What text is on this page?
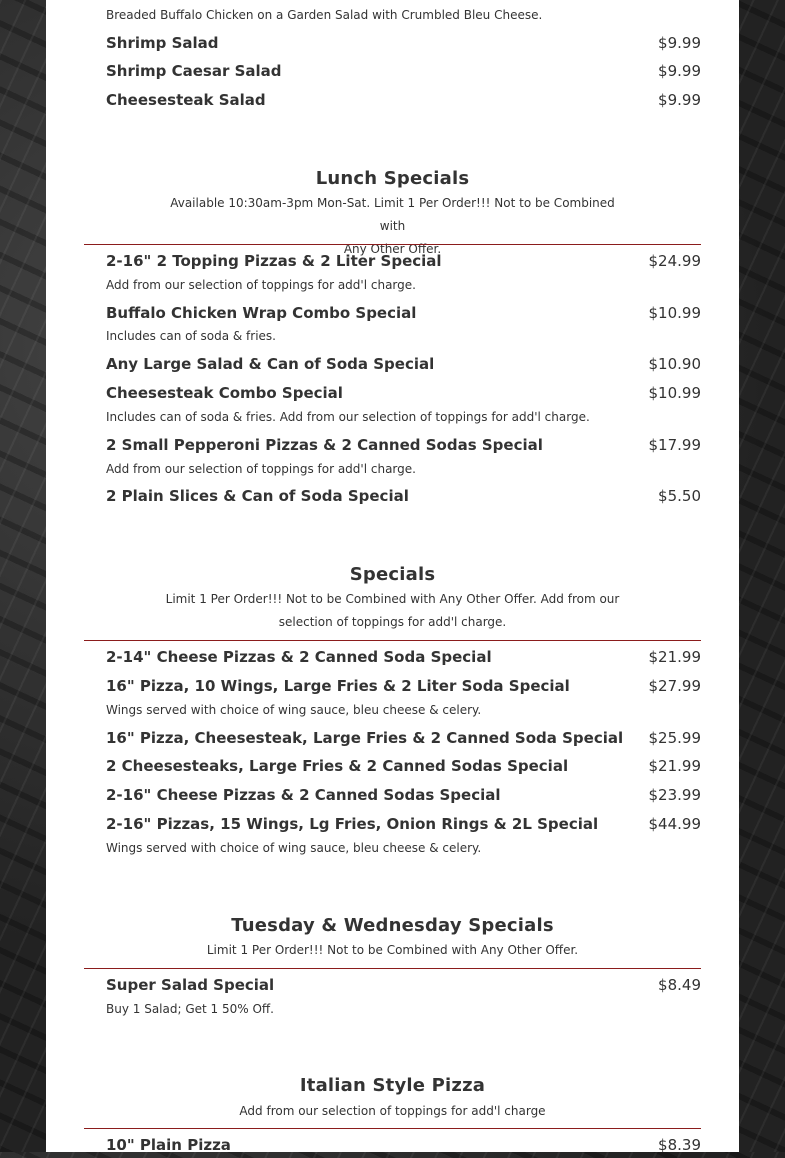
Breaded Buffalo Chicken on a Garden Salad with Crumbled Bleu Cheese.
Shrimp Salad	$9.99
Shrimp Caesar Salad	$9.99
Cheesesteak Salad	$9.99
Lunch Specials
Available 10:30am-3pm Mon-Sat. Limit 1 Per Order!!! Not to be Combined with
Any Other Offer.
2-16" 2 Topping Pizzas & 2 Liter Special	$24.99
Add from our selection of toppings for add'l charge.
Buffalo Chicken Wrap Combo Special	$10.99
Includes can of soda & fries.
Any Large Salad & Can of Soda Special	$10.90
Cheesesteak Combo Special	$10.99
Includes can of soda & fries. Add from our selection of toppings for add'l charge.
2 Small Pepperoni Pizzas & 2 Canned Sodas Special	$17.99
Add from our selection of toppings for add'l charge.
2 Plain Slices & Can of Soda Special	$5.50
Specials
Limit 1 Per Order!!! Not to be Combined with Any Other Offer. Add from our
selection of toppings for add'l charge.
2-14" Cheese Pizzas & 2 Canned Soda Special	$21.99
16" Pizza, 10 Wings, Large Fries & 2 Liter Soda Special	$27.99
Wings served with choice of wing sauce, bleu cheese & celery.
16" Pizza, Cheesesteak, Large Fries & 2 Canned Soda Special $25.99
2 Cheesesteaks, Large Fries & 2 Canned Sodas Special	$21.99
2-16" Cheese Pizzas & 2 Canned Sodas Special	$23.99
2-16" Pizzas, 15 Wings, Lg Fries, Onion Rings & 2L Special	$44.99
Wings served with choice of wing sauce, bleu cheese & celery.
Tuesday & Wednesday Specials
Limit 1 Per Order!!! Not to be Combined with Any Other Offer.
Super Salad Special	$8.49
Buy 1 Salad; Get 1 50% Off.
Italian Style Pizza
Add from our selection of toppings for add'l charge
10" Plain Pizza	$8.39
